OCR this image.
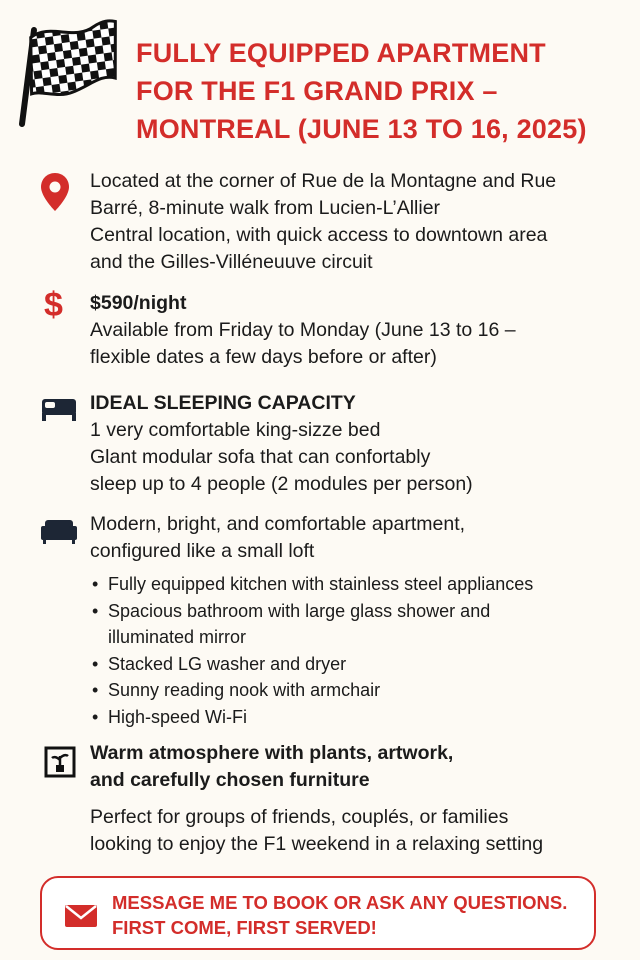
FULLY EQUIPPED APARTMENT
FOR THE F1 GRAND PRIX –
MONTREAL (JUNE 13 TO 16, 2025)
Located at the corner of Rue de la Montagne and Rue
Barré, 8-minute walk from Lucien-L’Allier
Central location, with quick access to downtown area
and the Gilles-Villéneuuve circuit
$ $590/night
Available from Friday to Monday (June 13 to 16 –
flexible dates a few days before or after)
IDEAL SLEEPING CAPACITY
1 very comfortable king-sizze bed
Glant modular sofa that can confortably
sleep up to 4 people (2 modules per person)
Modern, bright, and comfortable apartment,
configured like a small loft
• Fully equipped kitchen with stainless steel appliances
• Spacious bathroom with large glass shower and
illuminated mirror
• Stacked LG washer and dryer
• Sunny reading nook with armchair
• High-speed Wi-Fi
Warm atmosphere with plants, artwork,
and carefully chosen furniture
Perfect for groups of friends, couplés, or families
looking to enjoy the F1 weekend in a relaxing setting
MESSAGE ME TO BOOK OR ASK ANY QUESTIONS.
FIRST COME, FIRST SERVED!
